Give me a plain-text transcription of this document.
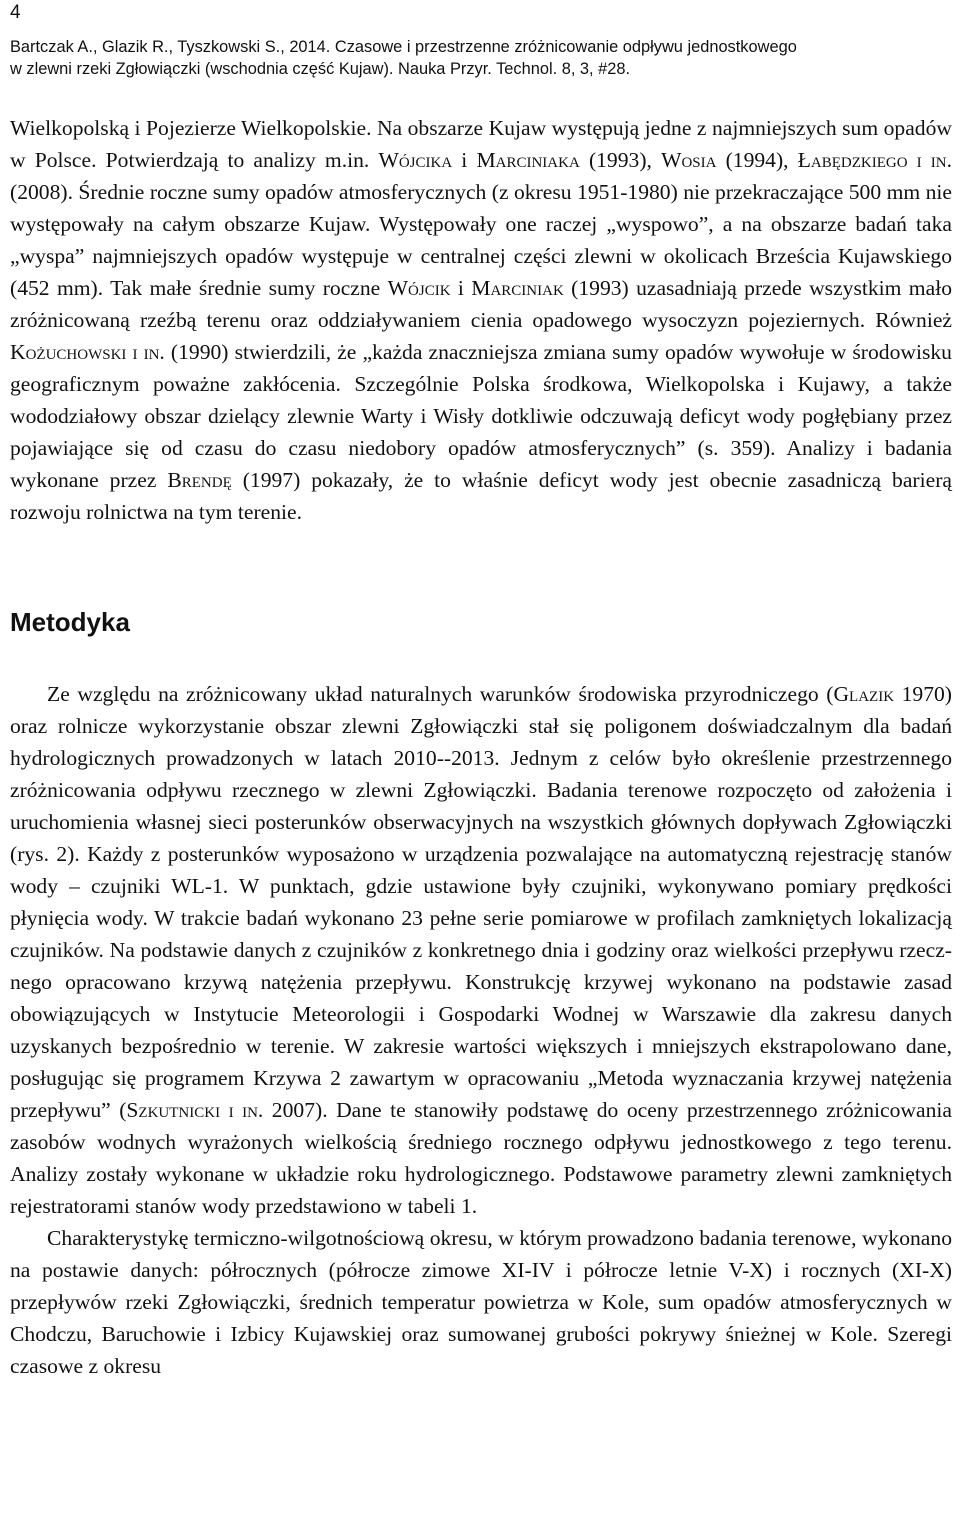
4
Bartczak A., Glazik R., Tyszkowski S., 2014. Czasowe i przestrzenne zróżnicowanie odpływu jednostkowego
w zlewni rzeki Zgłowiączki (wschodnia część Kujaw). Nauka Przyr. Technol. 8, 3, #28.

Wielkopolską i Pojezierze Wielkopolskie. Na obszarze Kujaw występują jedne z najmniejszych sum opadów w Polsce. Potwierdzają to analizy m.in. Wójcika i Marciniaka (1993), Wosia (1994), Łabędzkiego i in. (2008). Średnie roczne sumy opadów atmosferycznych (z okresu 1951-1980) nie przekraczające 500 mm nie występowały na całym obszarze Kujaw. Występowały one raczej „wyspowo”, a na obszarze badań taka „wyspa” najmniejszych opadów występuje w centralnej części zlewni w okolicach Brześcia Kujawskiego (452 mm). Tak małe średnie sumy roczne Wójcik i Marciniak (1993) uzasadniają przede wszystkim mało zróżnicowaną rzeźbą terenu oraz oddziaływaniem cienia opadowego wysoczyzn pojeziernych. Również Kożuchowski i in. (1990) stwierdzili, że „każda znaczniejsza zmiana sumy opadów wywołuje w środowisku geograficznym poważne zakłócenia. Szczególnie Polska środkowa, Wielkopolska i Kujawy, a także wododziałowy obszar dzielący zlewnie Warty i Wisły dotkliwie odczuwają deficyt wody pogłębiany przez pojawiające się od czasu do czasu niedobory opadów atmosferycznych” (s. 359). Analizy i badania wykonane przez Brendę (1997) pokazały, że to właśnie deficyt wody jest obecnie zasadniczą barierą rozwoju rolnictwa na tym terenie.

Metodyka

Ze względu na zróżnicowany układ naturalnych warunków środowiska przyrodniczego (Glazik 1970) oraz rolnicze wykorzystanie obszar zlewni Zgłowiączki stał się poligonem doświadczalnym dla badań hydrologicznych prowadzonych w latach 2010--2013. Jednym z celów było określenie przestrzennego zróżnicowania odpływu rzecznego w zlewni Zgłowiączki. Badania terenowe rozpoczęto od założenia i uruchomienia własnej sieci posterunków obserwacyjnych na wszystkich głównych dopływach Zgłowiączki (rys. 2). Każdy z posterunków wyposażono w urządzenia pozwalające na automatyczną rejestrację stanów wody – czujniki WL-1. W punktach, gdzie ustawione były czujniki, wykonywano pomiary prędkości płynięcia wody. W trakcie badań wykonano 23 pełne serie pomiarowe w profilach zamkniętych lokalizacją czujników. Na podstawie danych z czujników z konkretnego dnia i godziny oraz wielkości przepływu rzecznego opracowano krzywą natężenia przepływu. Konstrukcję krzywej wykonano na podstawie zasad obowiązujących w Instytucie Meteorologii i Gospodarki Wodnej w Warszawie dla zakresu danych uzyskanych bezpośrednio w terenie. W zakresie wartości większych i mniejszych ekstrapolowano dane, posługując się programem Krzywa 2 zawartym w opracowaniu „Metoda wyznaczania krzywej natężenia przepływu” (Szkutnicki i in. 2007). Dane te stanowiły podstawę do oceny przestrzennego zróżnicowania zasobów wodnych wyrażonych wielkością średniego rocznego odpływu jednostkowego z tego terenu. Analizy zostały wykonane w układzie roku hydrologicznego. Podstawowe parametry zlewni zamkniętych rejestratorami stanów wody przedstawiono w tabeli 1.

Charakterystykę termiczno-wilgotnościową okresu, w którym prowadzono badania terenowe, wykonano na postawie danych: półrocznych (półrocze zimowe XI-IV i półrocze letnie V-X) i rocznych (XI-X) przepływów rzeki Zgłowiączki, średnich temperatur powietrza w Kole, sum opadów atmosferycznych w Chodczu, Baruchowie i Izbicy Kujawskiej oraz sumowanej grubości pokrywy śnieżnej w Kole. Szeregi czasowe z okresu
